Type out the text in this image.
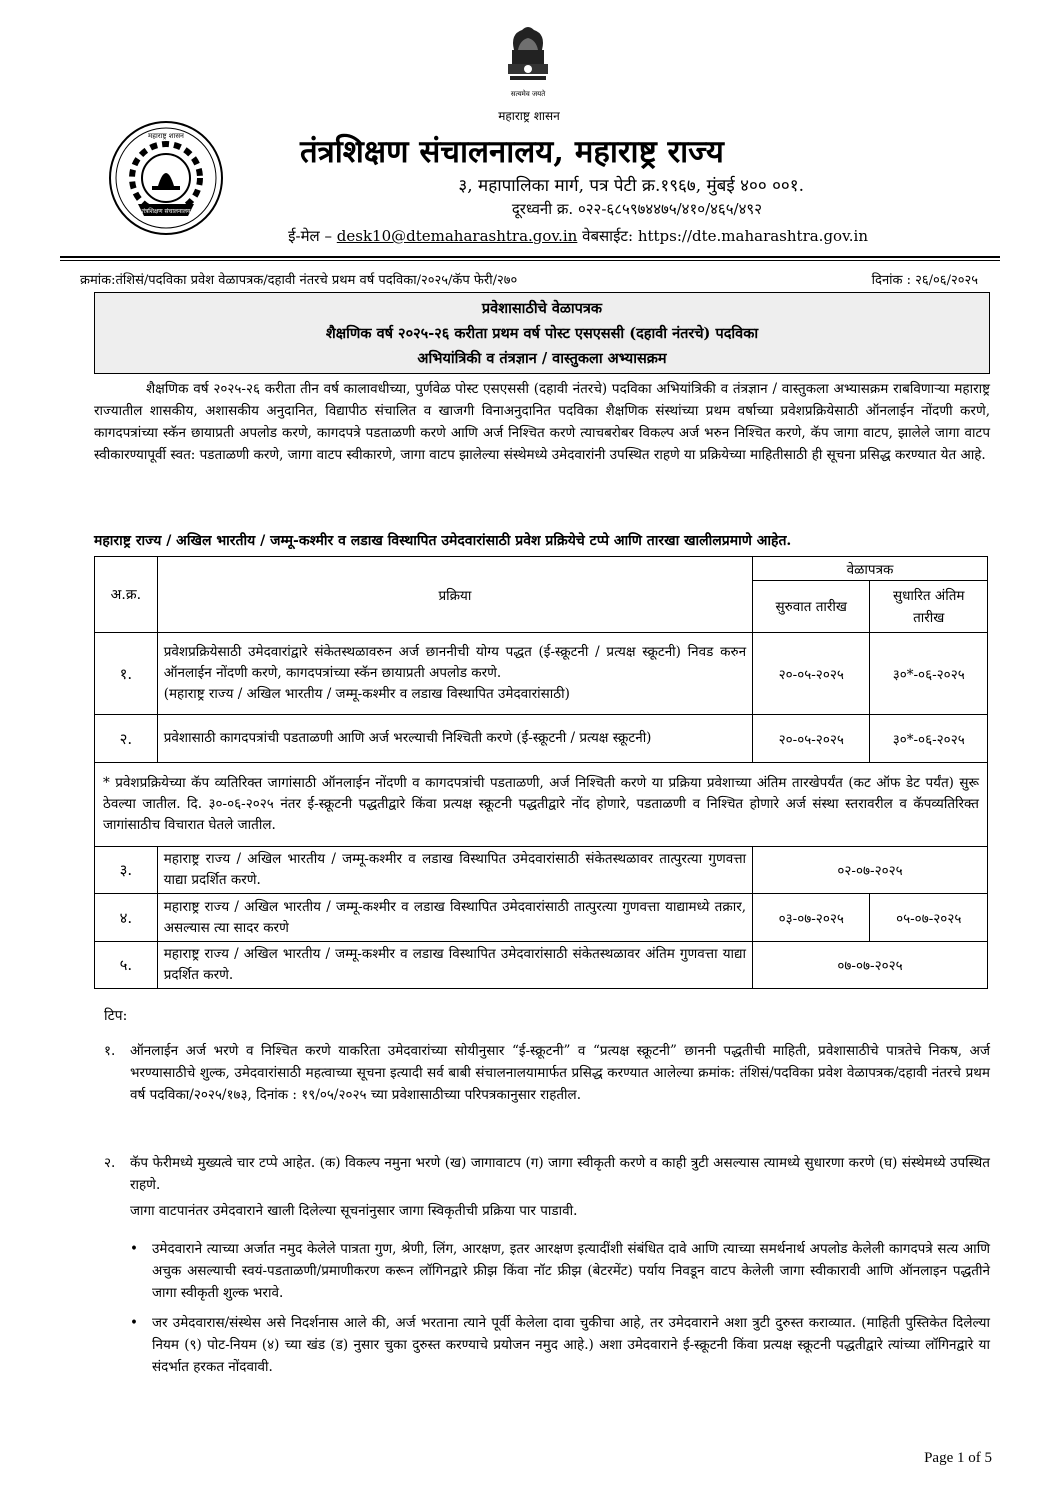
सत्यमेव जयते
महाराष्ट्र शासन
तंत्रशिक्षण संचालनालय
महाराष्ट्र शासन	तंत्रशिक्षण संचालनालय, महाराष्ट्र राज्य
३, महापालिका मार्ग, पत्र पेटी क्र.१९६७, मुंबई ४०० ००१.
दूरध्वनी क्र. ०२२-६८५९७४४७५/४१०/४६५/४९२
ई-मेल – desk10@dtemaharashtra.gov.in वेबसाईट: https://dte.maharashtra.gov.in
क्रमांक:तंशिसं/पदविका प्रवेश वेळापत्रक/दहावी नंतरचे प्रथम वर्ष पदविका/२०२५/कॅप फेरी/२७०	दिनांक : २६/०६/२०२५
प्रवेशासाठीचे वेळापत्रक
शैक्षणिक वर्ष २०२५-२६ करीता प्रथम वर्ष पोस्ट एसएससी (दहावी नंतरचे) पदविका
अभियांत्रिकी व तंत्रज्ञान / वास्तुकला अभ्यासक्रम
शैक्षणिक वर्ष २०२५-२६ करीता तीन वर्ष कालावधीच्या, पुर्णवेळ पोस्ट एसएससी (दहावी नंतरचे) पदविका अभियांत्रिकी व तंत्रज्ञान / वास्तुकला अभ्यासक्रम राबविणाऱ्या महाराष्ट्र राज्यातील शासकीय, अशासकीय अनुदानित, विद्यापीठ संचालित व खाजगी विनाअनुदानित पदविका शैक्षणिक संस्थांच्या प्रथम वर्षाच्या प्रवेशप्रक्रियेसाठी ऑनलाईन नोंदणी करणे, कागदपत्रांच्या स्कॅन छायाप्रती अपलोड करणे, कागदपत्रे पडताळणी करणे आणि अर्ज निश्चित करणे त्याचबरोबर विकल्प अर्ज भरुन निश्चित करणे, कॅप जागा वाटप, झालेले जागा वाटप स्वीकारण्यापूर्वी स्वत: पडताळणी करणे, जागा वाटप स्वीकारणे, जागा वाटप झालेल्या संस्थेमध्ये उमेदवारांनी उपस्थित राहणे या प्रक्रियेच्या माहितीसाठी ही सूचना प्रसिद्ध करण्यात येत आहे.
महाराष्ट्र राज्य / अखिल भारतीय / जम्मू-कश्मीर व लडाख विस्थापित उमेदवारांसाठी प्रवेश प्रक्रियेचे टप्पे आणि तारखा खालीलप्रमाणे आहेत.
अ.क्र.	प्रक्रिया	वेळापत्रक	
		सुरुवात तारीख	सुधारित अंतिम तारीख
१.	प्रवेशप्रक्रियेसाठी उमेदवारांद्वारे संकेतस्थळावरुन अर्ज छाननीची योग्य पद्धत (ई-स्क्रूटनी / प्रत्यक्ष स्क्रूटनी) निवड करुन ऑनलाईन नोंदणी करणे, कागदपत्रांच्या स्कॅन छायाप्रती अपलोड करणे.
(महाराष्ट्र राज्य / अखिल भारतीय / जम्मू-कश्मीर व लडाख विस्थापित उमेदवारांसाठी)	२०-०५-२०२५	३०*-०६-२०२५
२.	प्रवेशासाठी कागदपत्रांची पडताळणी आणि अर्ज भरल्याची निश्चिती करणे (ई-स्क्रूटनी / प्रत्यक्ष स्क्रूटनी)	२०-०५-२०२५	३०*-०६-२०२५
* प्रवेशप्रक्रियेच्या कॅप व्यतिरिक्त जागांसाठी ऑनलाईन नोंदणी व कागदपत्रांची पडताळणी, अर्ज निश्चिती करणे या प्रक्रिया प्रवेशाच्या अंतिम तारखेपर्यंत (कट ऑफ डेट पर्यंत) सुरू ठेवल्या जातील. दि. ३०-०६-२०२५ नंतर ई-स्क्रूटनी पद्धतीद्वारे किंवा प्रत्यक्ष स्क्रूटनी पद्धतीद्वारे नोंद होणारे, पडताळणी व निश्चित होणारे अर्ज संस्था स्तरावरील व कॅपव्यतिरिक्त जागांसाठीच विचारात घेतले जातील.			
३.	महाराष्ट्र राज्य / अखिल भारतीय / जम्मू-कश्मीर व लडाख विस्थापित उमेदवारांसाठी संकेतस्थळावर तात्पुरत्या गुणवत्ता याद्या प्रदर्शित करणे.	०२-०७-२०२५	
४.	महाराष्ट्र राज्य / अखिल भारतीय / जम्मू-कश्मीर व लडाख विस्थापित उमेदवारांसाठी तात्पुरत्या गुणवत्ता याद्यामध्ये तक्रार, असल्यास त्या सादर करणे	०३-०७-२०२५	०५-०७-२०२५
५.	महाराष्ट्र राज्य / अखिल भारतीय / जम्मू-कश्मीर व लडाख विस्थापित उमेदवारांसाठी संकेतस्थळावर अंतिम गुणवत्ता याद्या प्रदर्शित करणे.	०७-०७-२०२५	
टिप:
१. ऑनलाईन अर्ज भरणे व निश्चित करणे याकरिता उमेदवारांच्या सोयीनुसार “ई-स्क्रूटनी” व “प्रत्यक्ष स्क्रूटनी” छाननी पद्धतीची माहिती, प्रवेशासाठीचे पात्रतेचे निकष, अर्ज भरण्यासाठीचे शुल्क, उमेदवारांसाठी महत्वाच्या सूचना इत्यादी सर्व बाबी संचालनालयामार्फत प्रसिद्ध करण्यात आलेल्या क्रमांक: तंशिसं/पदविका प्रवेश वेळापत्रक/दहावी नंतरचे प्रथम वर्ष पदविका/२०२५/१७३, दिनांक : १९/०५/२०२५ च्या प्रवेशासाठीच्या परिपत्रकानुसार राहतील.
२. कॅप फेरीमध्ये मुख्यत्वे चार टप्पे आहेत. (क) विकल्प नमुना भरणे (ख) जागावाटप (ग) जागा स्वीकृती करणे व काही त्रुटी असल्यास त्यामध्ये सुधारणा करणे (घ) संस्थेमध्ये उपस्थित राहणे.
जागा वाटपानंतर उमेदवाराने खाली दिलेल्या सूचनांनुसार जागा स्विकृतीची प्रक्रिया पार पाडावी.
• उमेदवाराने त्याच्या अर्जात नमुद केलेले पात्रता गुण, श्रेणी, लिंग, आरक्षण, इतर आरक्षण इत्यादींशी संबंधित दावे आणि त्याच्या समर्थनार्थ अपलोड केलेली कागदपत्रे सत्य आणि अचुक असल्याची स्वयं-पडताळणी/प्रमाणीकरण करून लॉगिनद्वारे फ्रीझ किंवा नॉट फ्रीझ (बेटरमेंट) पर्याय निवडून वाटप केलेली जागा स्वीकारावी आणि ऑनलाइन पद्धतीने जागा स्वीकृती शुल्क भरावे.
• जर उमेदवारास/संस्थेस असे निदर्शनास आले की, अर्ज भरताना त्याने पूर्वी केलेला दावा चुकीचा आहे, तर उमेदवाराने अशा त्रुटी दुरुस्त कराव्यात. (माहिती पुस्तिकेत दिलेल्या नियम (९) पोट-नियम (४) च्या खंड (ड) नुसार चुका दुरुस्त करण्याचे प्रयोजन नमुद आहे.) अशा उमेदवाराने ई-स्क्रूटनी किंवा प्रत्यक्ष स्क्रूटनी पद्धतीद्वारे त्यांच्या लॉगिनद्वारे या संदर्भात हरकत नोंदवावी.
Page 1 of 5
